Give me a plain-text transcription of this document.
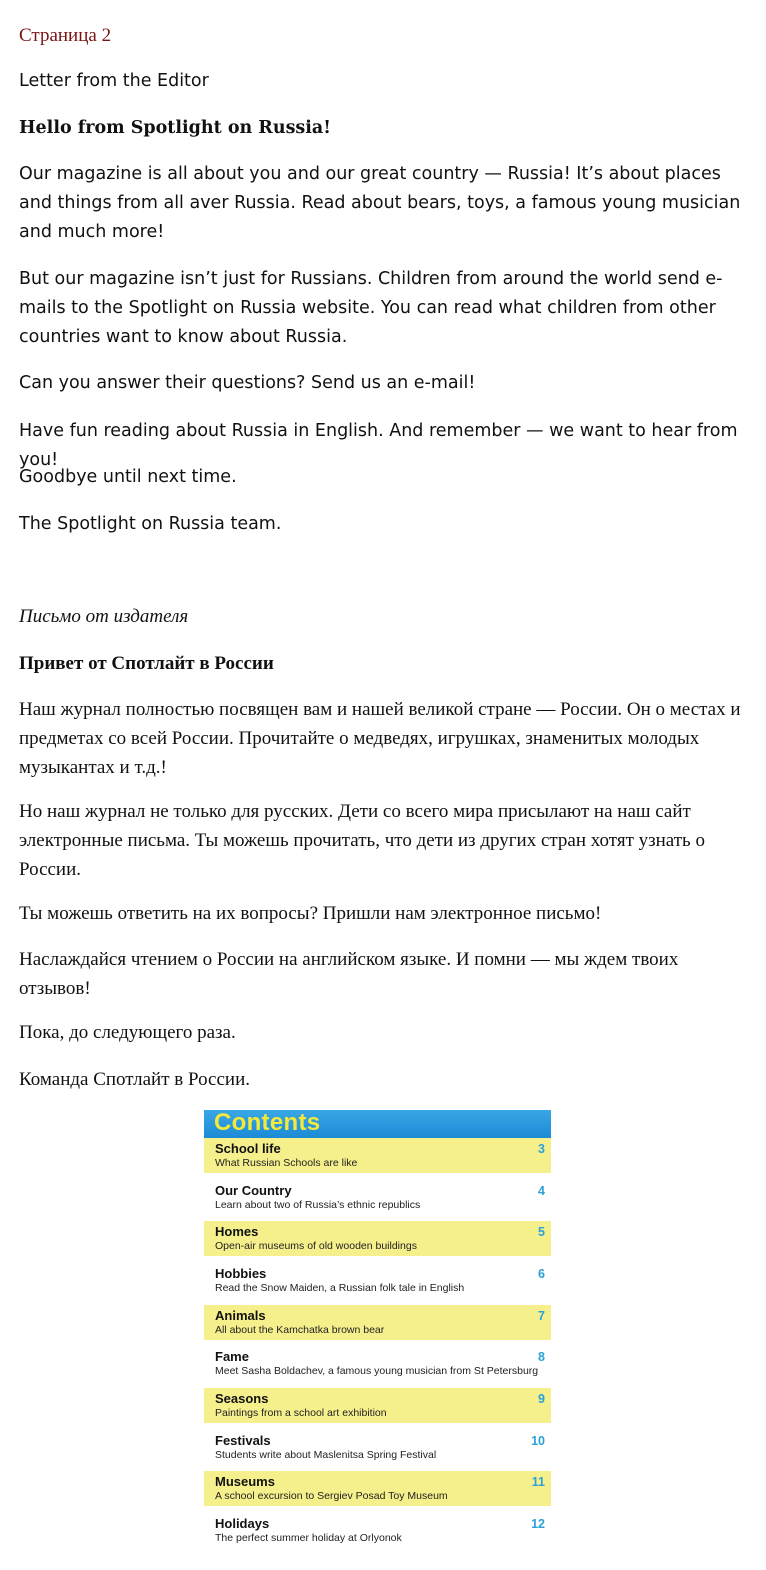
Страница 2

Letter from the Editor

Hello from Spotlight on Russia!

Our magazine is all about you and our great country — Russia! It’s about places and things from all aver Russia. Read about bears, toys, a famous young musician and much more!

But our magazine isn’t just for Russians. Children from around the world send e-mails to the Spotlight on Russia website. You can read what children from other countries want to know about Russia.

Can you answer their questions? Send us an e-mail!

Have fun reading about Russia in English. And remember — we want to hear from you!

Goodbye until next time.

The Spotlight on Russia team.

Письмо от издателя

Привет от Спотлайт в России

Наш журнал полностью посвящен вам и нашей великой стране — России. Он о местах и предметах со всей России. Прочитайте о медведях, игрушках, знаменитых молодых музыкантах и т.д.!

Но наш журнал не только для русских. Дети со всего мира присылают на наш сайт электронные письма. Ты можешь прочитать, что дети из других стран хотят узнать о России.

Ты можешь ответить на их вопросы? Пришли нам электронное письмо!

Наслаждайся чтением о России на английском языке. И помни — мы ждем твоих отзывов!

Пока, до следующего раза.

Команда Спотлайт в России.

Contents
School life
What Russian Schools are like
3
Our Country
Learn about two of Russia’s ethnic republics
4
Homes
Open-air museums of old wooden buildings
5
Hobbies
Read the Snow Maiden, a Russian folk tale in English
6
Animals
All about the Kamchatka brown bear
7
Fame
Meet Sasha Boldachev, a famous young musician from St Petersburg
8
Seasons
Paintings from a school art exhibition
9
Festivals
Students write about Maslenitsa Spring Festival
10
Museums
A school excursion to Sergiev Posad Toy Museum
11
Holidays
The perfect summer holiday at Orlyonok
12
